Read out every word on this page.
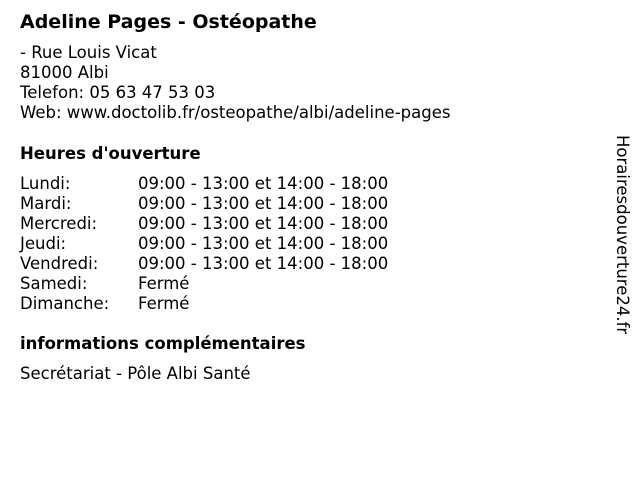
Adeline Pages - Ostéopathe
- Rue Louis Vicat
81000 Albi
Telefon: 05 63 47 53 03
Web: www.doctolib.fr/osteopathe/albi/adeline-pages
Heures d'ouverture
Lundi:	09:00 - 13:00 et 14:00 - 18:00
Mardi:	09:00 - 13:00 et 14:00 - 18:00
Mercredi: 09:00 - 13:00 et 14:00 - 18:00
Jeudi:	09:00 - 13:00 et 14:00 - 18:00
Vendredi: 09:00 - 13:00 et 14:00 - 18:00
Samedi:	Fermé
Dimanche: Fermé
informations complémentaires
Secrétariat - Pôle Albi Santé
Horairesdouverture24.fr
